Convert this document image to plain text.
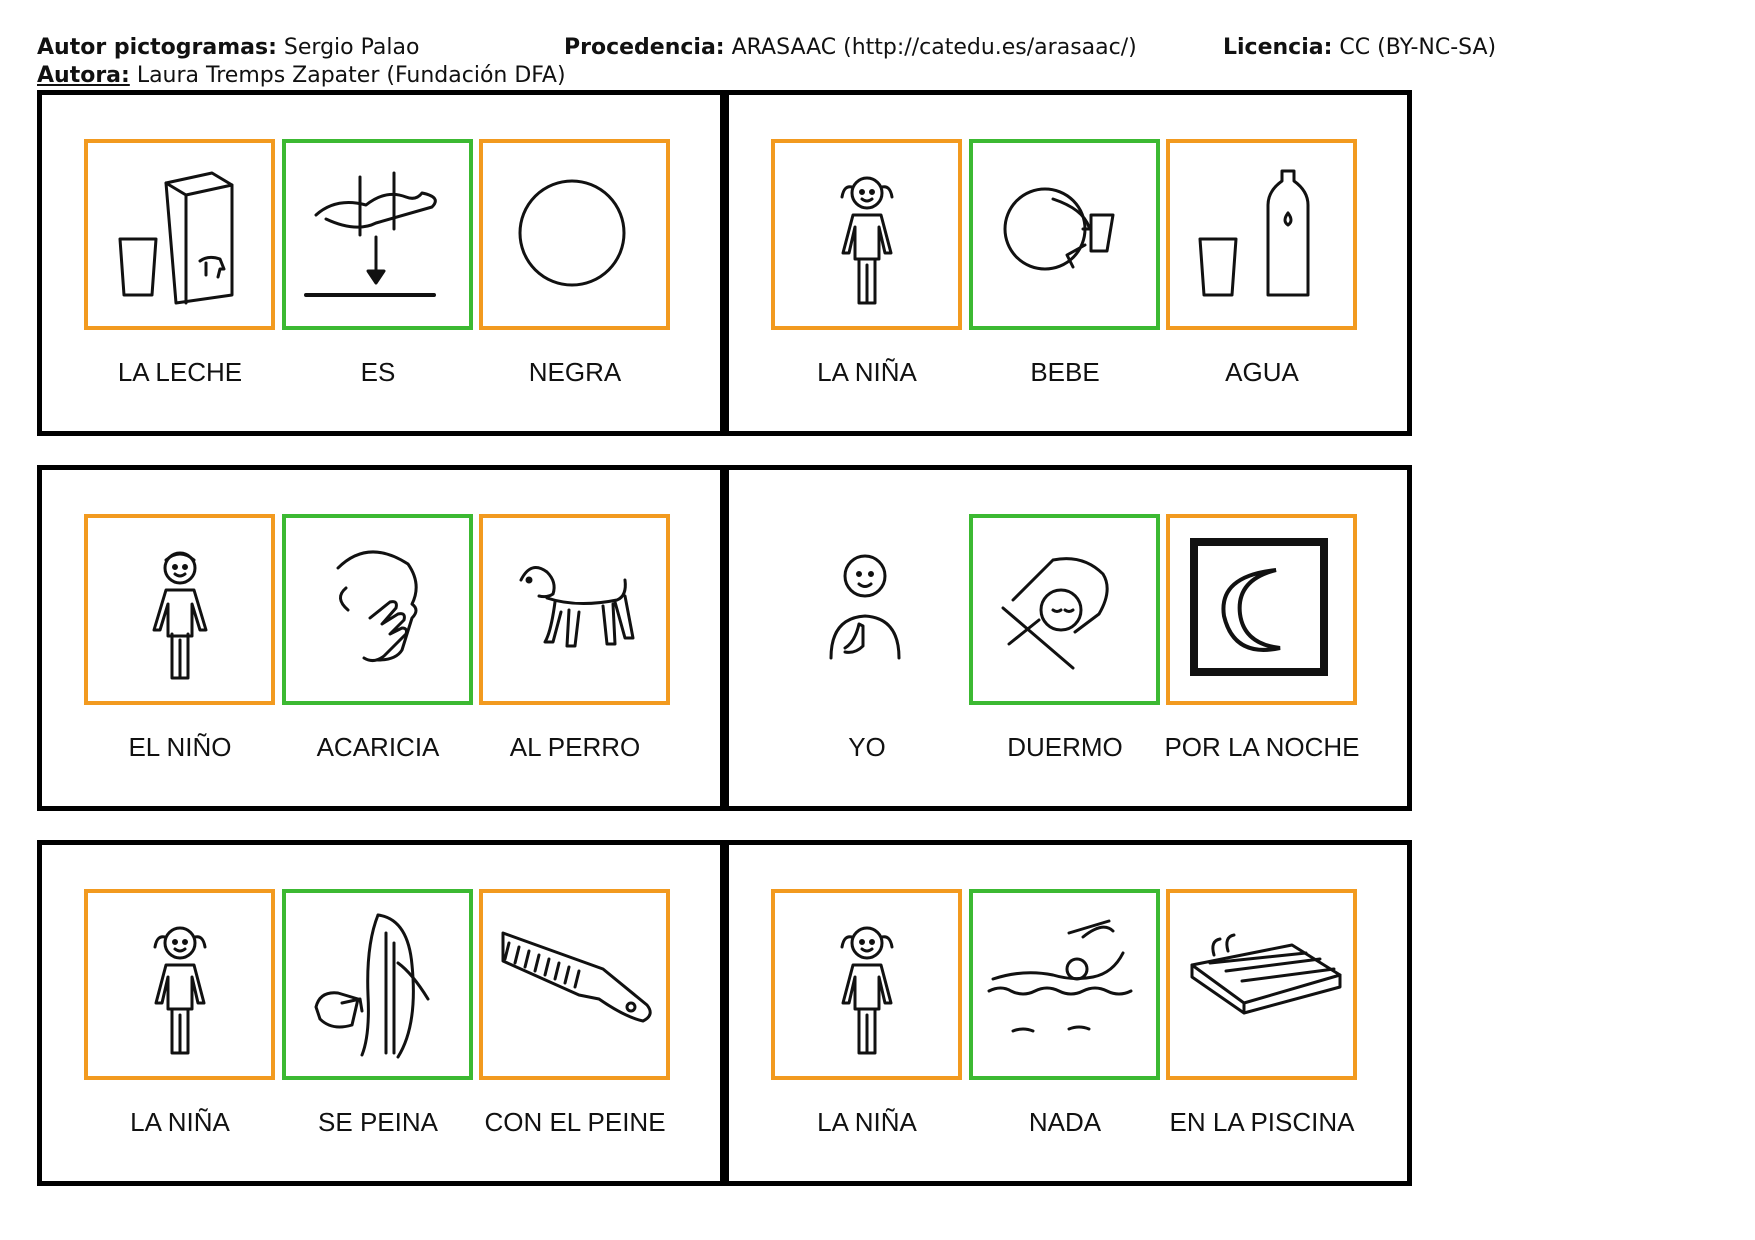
Autor pictogramas: Sergio Palao	Procedencia: ARASAAC (http://catedu.es/arasaac/)	Licencia: CC (BY-NC-SA)
Autora: Laura Tremps Zapater (Fundación DFA)
LA LECHE	ES	NEGRA	LA NIÑA	BEBE	AGUA
EL NIÑO	ACARICIA	AL PERRO	YO	DUERMO	POR LA NOCHE
LA NIÑA	SE PEINA	CON EL PEINE	LA NIÑA	NADA	EN LA PISCINA
